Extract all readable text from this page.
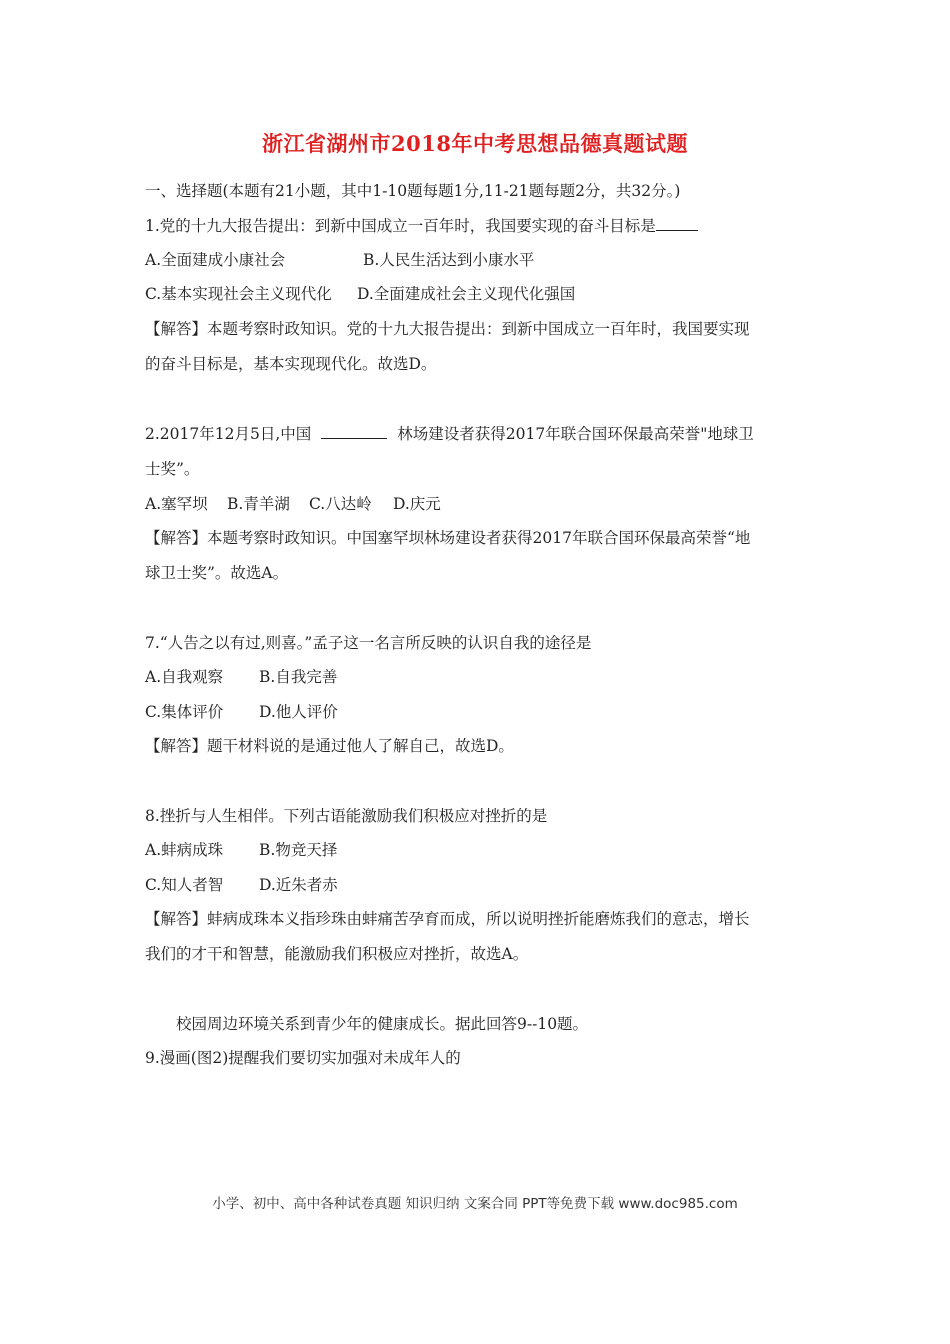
浙江省湖州市2018年中考思想品德真题试题
一、选择题(本题有21小题，其中1-10题每题1分,11-21题每题2分，共32分。)
1.党的十九大报告提出：到新中国成立一百年时，我国要实现的奋斗目标是
A.全面建成小康社会	B.人民生活达到小康水平
C.基本实现社会主义现代化 D.全面建成社会主义现代化强国
【解答】本题考察时政知识。党的十九大报告提出：到新中国成立一百年时，我国要实现
的奋斗目标是，基本实现现代化。故选D。
2.2017年12月5日,中国	林场建设者获得2017年联合国环保最高荣誉"地球卫
士奖”。
A.塞罕坝 B.青羊湖 C.八达岭 D.庆元
【解答】本题考察时政知识。中国塞罕坝林场建设者获得2017年联合国环保最高荣誉“地
球卫士奖”。故选A。
7.“人告之以有过,则喜。”孟子这一名言所反映的认识自我的途径是
A.自我观察 B.自我完善
C.集体评价 D.他人评价
【解答】题干材料说的是通过他人了解自己，故选D。
8.挫折与人生相伴。下列古语能激励我们积极应对挫折的是
A.蚌病成珠 B.物竞天择
C.知人者智 D.近朱者赤
【解答】蚌病成珠本义指珍珠由蚌痛苦孕育而成，所以说明挫折能磨炼我们的意志，增长
我们的才干和智慧，能激励我们积极应对挫折，故选A。
校园周边环境关系到青少年的健康成长。据此回答9--10题。
9.漫画(图2)提醒我们要切实加强对未成年人的
小学、初中、高中各种试卷真题 知识归纳 文案合同 PPT等免费下载 www.doc985.com
